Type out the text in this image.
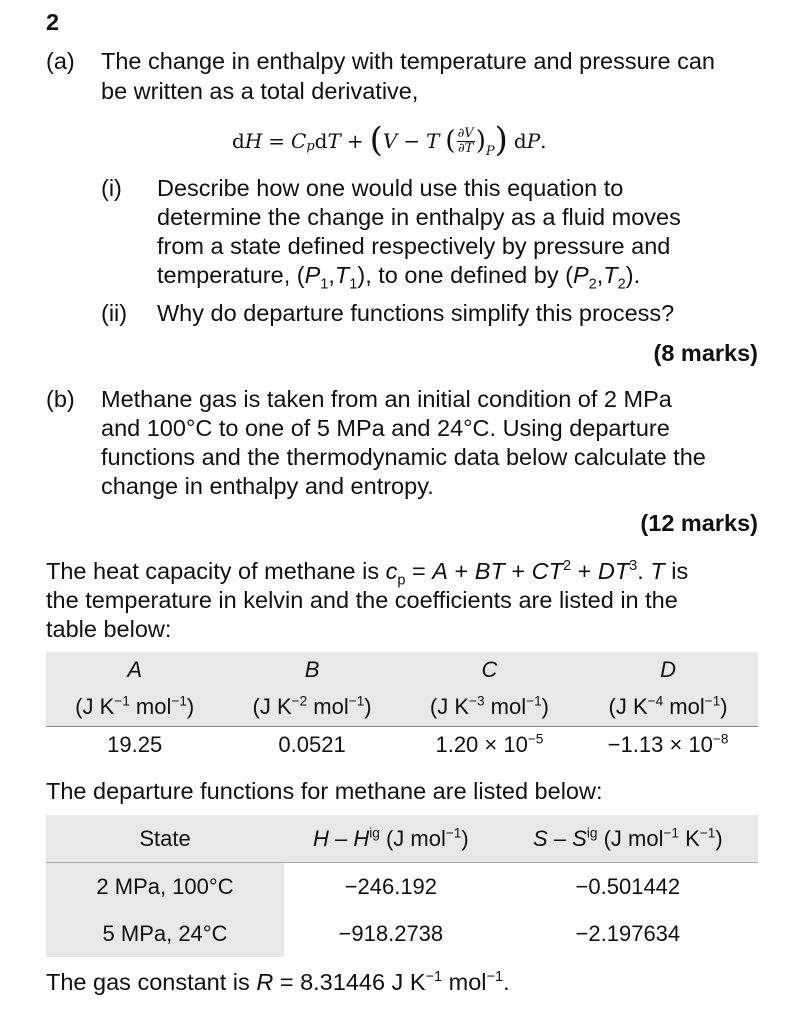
2
(a) The change in enthalpy with temperature and pressure can
be written as a total derivative,
d H = C p d T + ( V − T ( $\frac{\partial V}{\partial T}$ ) P ) d P .
(i) Describe how one would use this equation to
determine the change in enthalpy as a fluid moves
from a state defined respectively by pressure and
temperature, $(P_1,T_1)$, to one defined by $(P_2,T_2)$.
(ii) Why do departure functions simplify this process?
(8 marks)
(b) Methane gas is taken from an initial condition of 2 MPa
and 100°C to one of 5 MPa and 24°C. Using departure
functions and the thermodynamic data below calculate the
change in enthalpy and entropy.
(12 marks)
The heat capacity of methane is $c_p = A$ + BT + $CT^2 + DT^3$. T is
the temperature in kelvin and the coefficients are listed in the
table below:
A	B	C	D
(J $K^{-1}$ mol$^{-1}$)	(J $K^{-2}$ mol$^{-1}$)	(J $K^{-3}$ mol$^{-1}$)	(J $K^{-4}$ mol$^{-1}$)
19.25	0.0521	$1.20 \times 10^{-5}$	$-1.13 \times 10^{-8}$
The departure functions for methane are listed below:
State	H – $H^{ig}$ (J mol$^{-1}$)	S – $S^{ig}$ (J mol$^{-1}$ $K^{-1}$)
2 MPa, 100°C	−246.192	−0.501442
5 MPa, 24°C	−918.2738	−2.197634
The gas constant is R = 8.31446 J $K^{-1}$ mol$^{-1}$.
